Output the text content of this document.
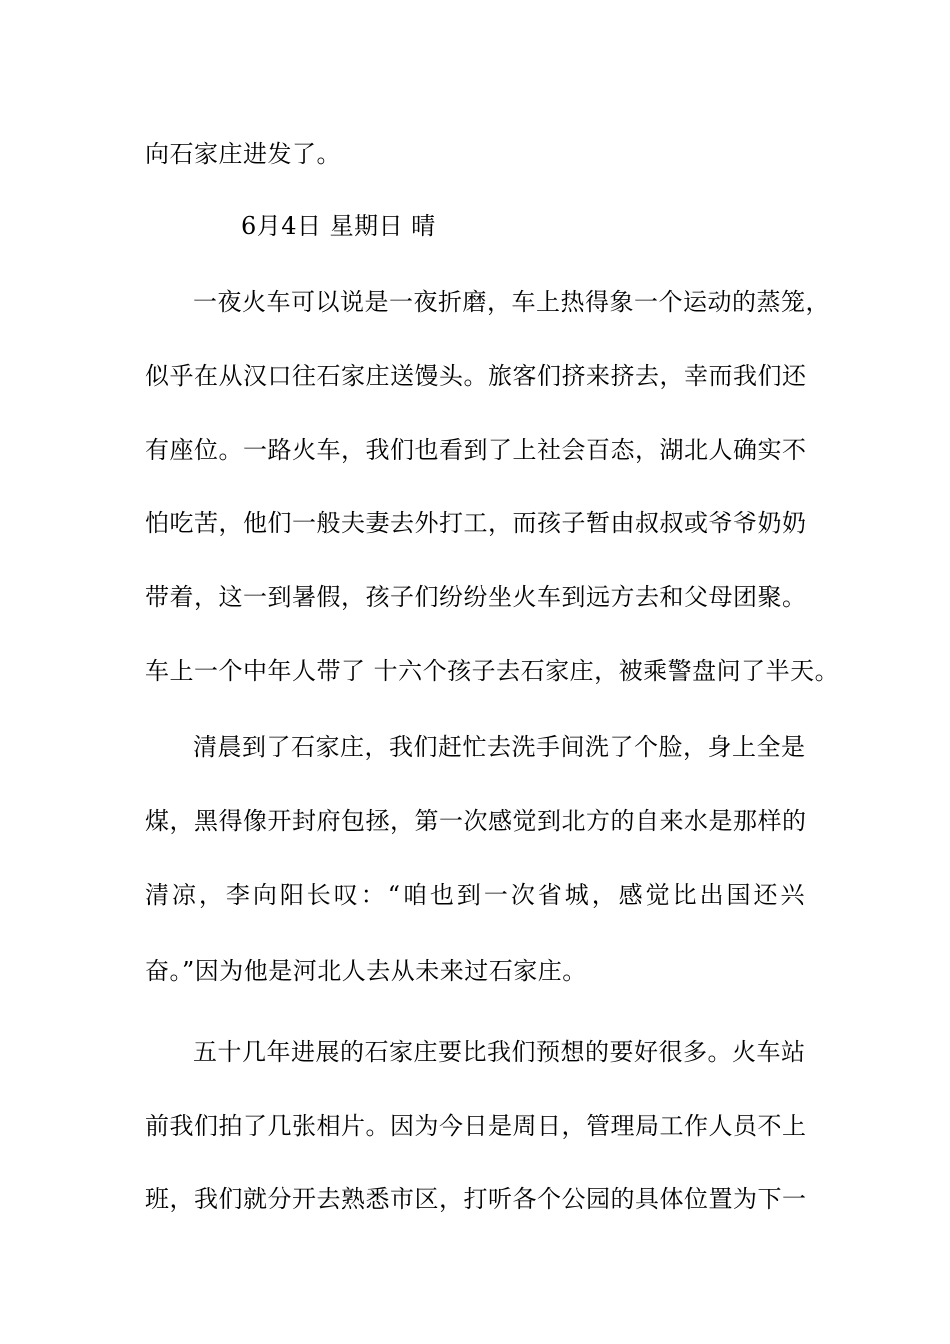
向石家庄进发了。
6月4日 星期日 晴
一夜火车可以说是一夜折磨，车上热得象一个运动的蒸笼，
似乎在从汉口往石家庄送馒头。旅客们挤来挤去，幸而我们还
有座位。一路火车，我们也看到了上社会百态，湖北人确实不
怕吃苦，他们一般夫妻去外打工，而孩子暂由叔叔或爷爷奶奶
带着，这一到暑假，孩子们纷纷坐火车到远方去和父母团聚。
车上一个中年人带了 十六个孩子去石家庄，被乘警盘问了半天。
清晨到了石家庄，我们赶忙去洗手间洗了个脸，身上全是
煤，黑得像开封府包拯，第一次感觉到北方的自来水是那样的
清凉，李向阳长叹：“咱也到一次省城，感觉比出国还兴
奋。”因为他是河北人去从未来过石家庄。
五十几年进展的石家庄要比我们预想的要好很多。火车站
前我们拍了几张相片。因为今日是周日，管理局工作人员不上
班，我们就分开去熟悉市区，打听各个公园的具体位置为下一
